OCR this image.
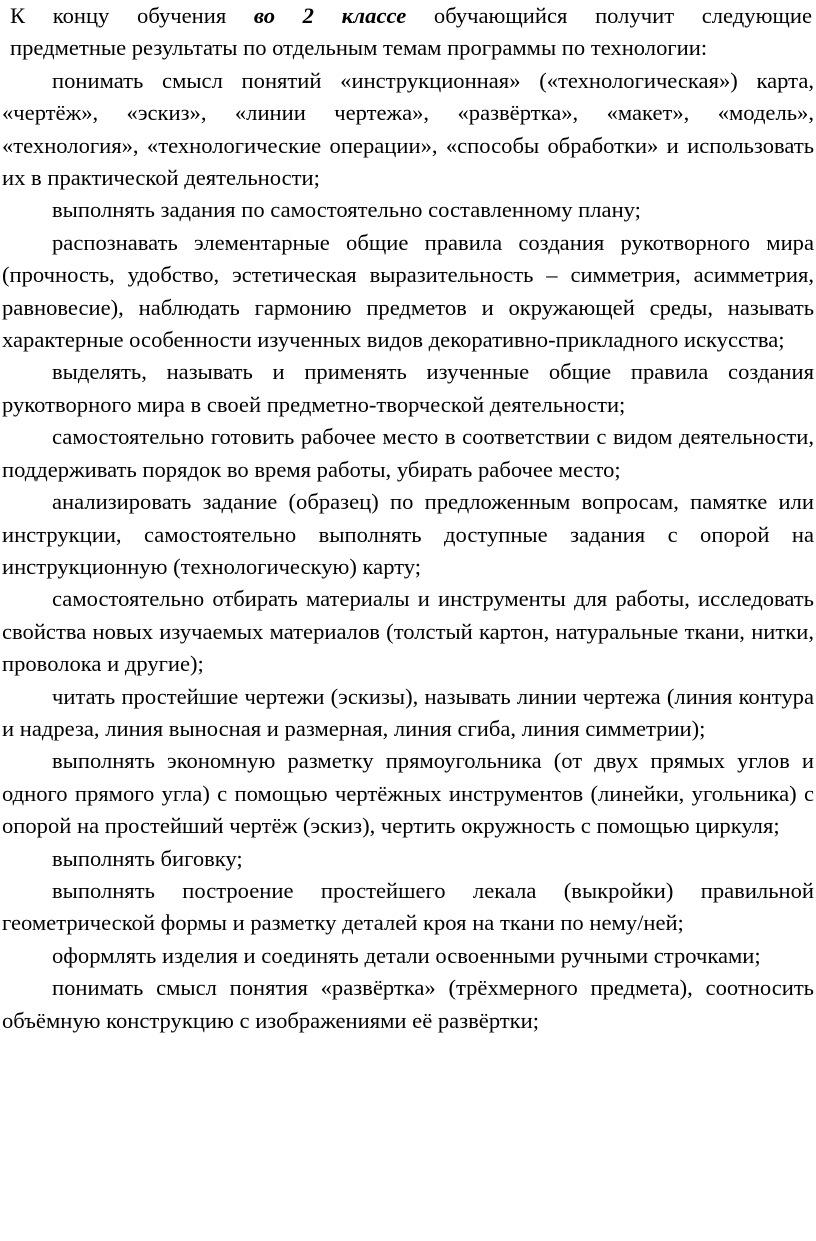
К концу обучения во 2 классе обучающийся получит следующие
предметные результаты по отдельным темам программы по технологии:

понимать смысл понятий «инструкционная» («технологическая») карта, «чертёж», «эскиз», «линии чертежа», «развёртка», «макет», «модель», «технология», «технологические операции», «способы обработки» и использовать их в практической деятельности;
выполнять задания по самостоятельно составленному плану;
распознавать элементарные общие правила создания рукотворного мира (прочность, удобство, эстетическая выразительность – симметрия, асимметрия, равновесие), наблюдать гармонию предметов и окружающей среды, называть характерные особенности изученных видов декоративно-прикладного искусства;
выделять, называть и применять изученные общие правила создания рукотворного мира в своей предметно-творческой деятельности;
самостоятельно готовить рабочее место в соответствии с видом деятельности, поддерживать порядок во время работы, убирать рабочее место;
анализировать задание (образец) по предложенным вопросам, памятке или инструкции, самостоятельно выполнять доступные задания с опорой на инструкционную (технологическую) карту;
самостоятельно отбирать материалы и инструменты для работы, исследовать свойства новых изучаемых материалов (толстый картон, натуральные ткани, нитки, проволока и другие);
читать простейшие чертежи (эскизы), называть линии чертежа (линия контура и надреза, линия выносная и размерная, линия сгиба, линия симметрии);
выполнять экономную разметку прямоугольника (от двух прямых углов и одного прямого угла) с помощью чертёжных инструментов (линейки, угольника) с опорой на простейший чертёж (эскиз), чертить окружность с помощью циркуля;
выполнять биговку;
выполнять построение простейшего лекала (выкройки) правильной геометрической формы и разметку деталей кроя на ткани по нему/ней;
оформлять изделия и соединять детали освоенными ручными строчками;
понимать смысл понятия «развёртка» (трёхмерного предмета), соотносить объёмную конструкцию с изображениями её развёртки;
